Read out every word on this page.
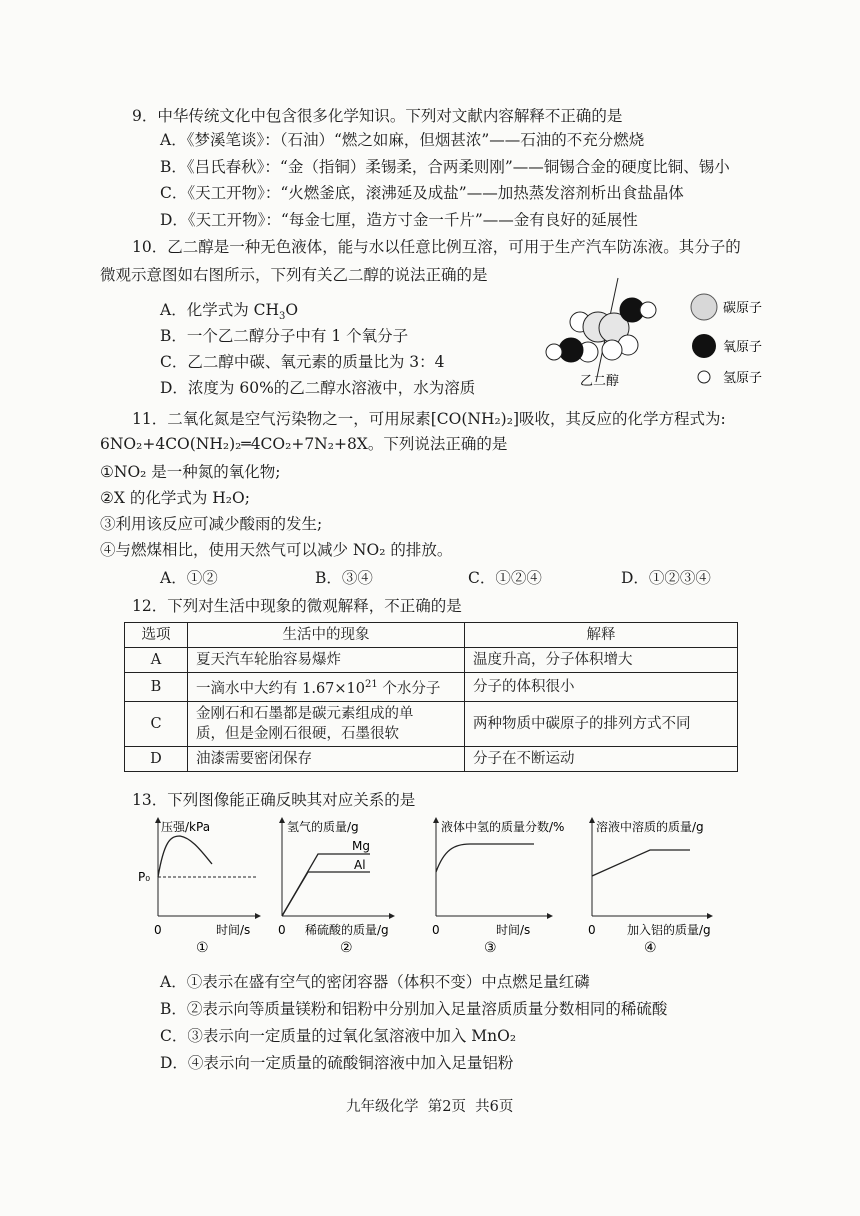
9．中华传统文化中包含很多化学知识。下列对文献内容解释不正确的是
A．《梦溪笔谈》：（石油）“燃之如麻，但烟甚浓”——石油的不充分燃烧
B．《吕氏春秋》：“金（指铜）柔锡柔，合两柔则刚”——铜锡合金的硬度比铜、锡小
C．《天工开物》：“火燃釜底，滚沸延及成盐”——加热蒸发溶剂析出食盐晶体
D．《天工开物》：“每金七厘，造方寸金一千片”——金有良好的延展性
10．乙二醇是一种无色液体，能与水以任意比例互溶，可用于生产汽车防冻液。其分子的
微观示意图如右图所示，下列有关乙二醇的说法正确的是
A．化学式为 $CH_3O$
B．一个乙二醇分子中有 1 个氧分子
C．乙二醇中碳、氧元素的质量比为 3：4
D．浓度为 60%的乙二醇水溶液中，水为溶质	乙二醇
碳原子
氧原子
氢原子
11．二氧化氮是空气污染物之一，可用尿素[CO(NH₂)₂]吸收，其反应的化学方程式为:
6NO₂+4CO(NH₂)₂═4CO₂+7N₂+8X。下列说法正确的是
①NO₂ 是一种氮的氧化物;
②X 的化学式为 H₂O;
③利用该反应可减少酸雨的发生;
④与燃煤相比，使用天然气可以减少 NO₂ 的排放。
A．①②	B．③④	C．①②④	D．①②③④
12．下列对生活中现象的微观解释，不正确的是
选项	生活中的现象	解释
A	夏天汽车轮胎容易爆炸	温度升高，分子体积增大
B	一滴水中大约有 $1.67\times 10^{21}$ 个水分子	分子的体积很小
C	金刚石和石墨都是碳元素组成的单
质，但是金刚石很硬，石墨很软	两种物质中碳原子的排列方式不同
D	油漆需要密闭保存	分子在不断运动
13．下列图像能正确反映其对应关系的是
压强/kPa
P₀
0	时间/s
①
氢气的质量/g
Mg
Al
0 稀硫酸的质量/g
②
液体中氢的质量分数/%
0	时间/s
③
溶液中溶质的质量/g
0	加入铝的质量/g
④
A．①表示在盛有空气的密闭容器（体积不变）中点燃足量红磷
B．②表示向等质量镁粉和铝粉中分别加入足量溶质质量分数相同的稀硫酸
C．③表示向一定质量的过氧化氢溶液中加入 MnO₂
D．④表示向一定质量的硫酸铜溶液中加入足量铝粉
九年级化学  第2页  共6页
